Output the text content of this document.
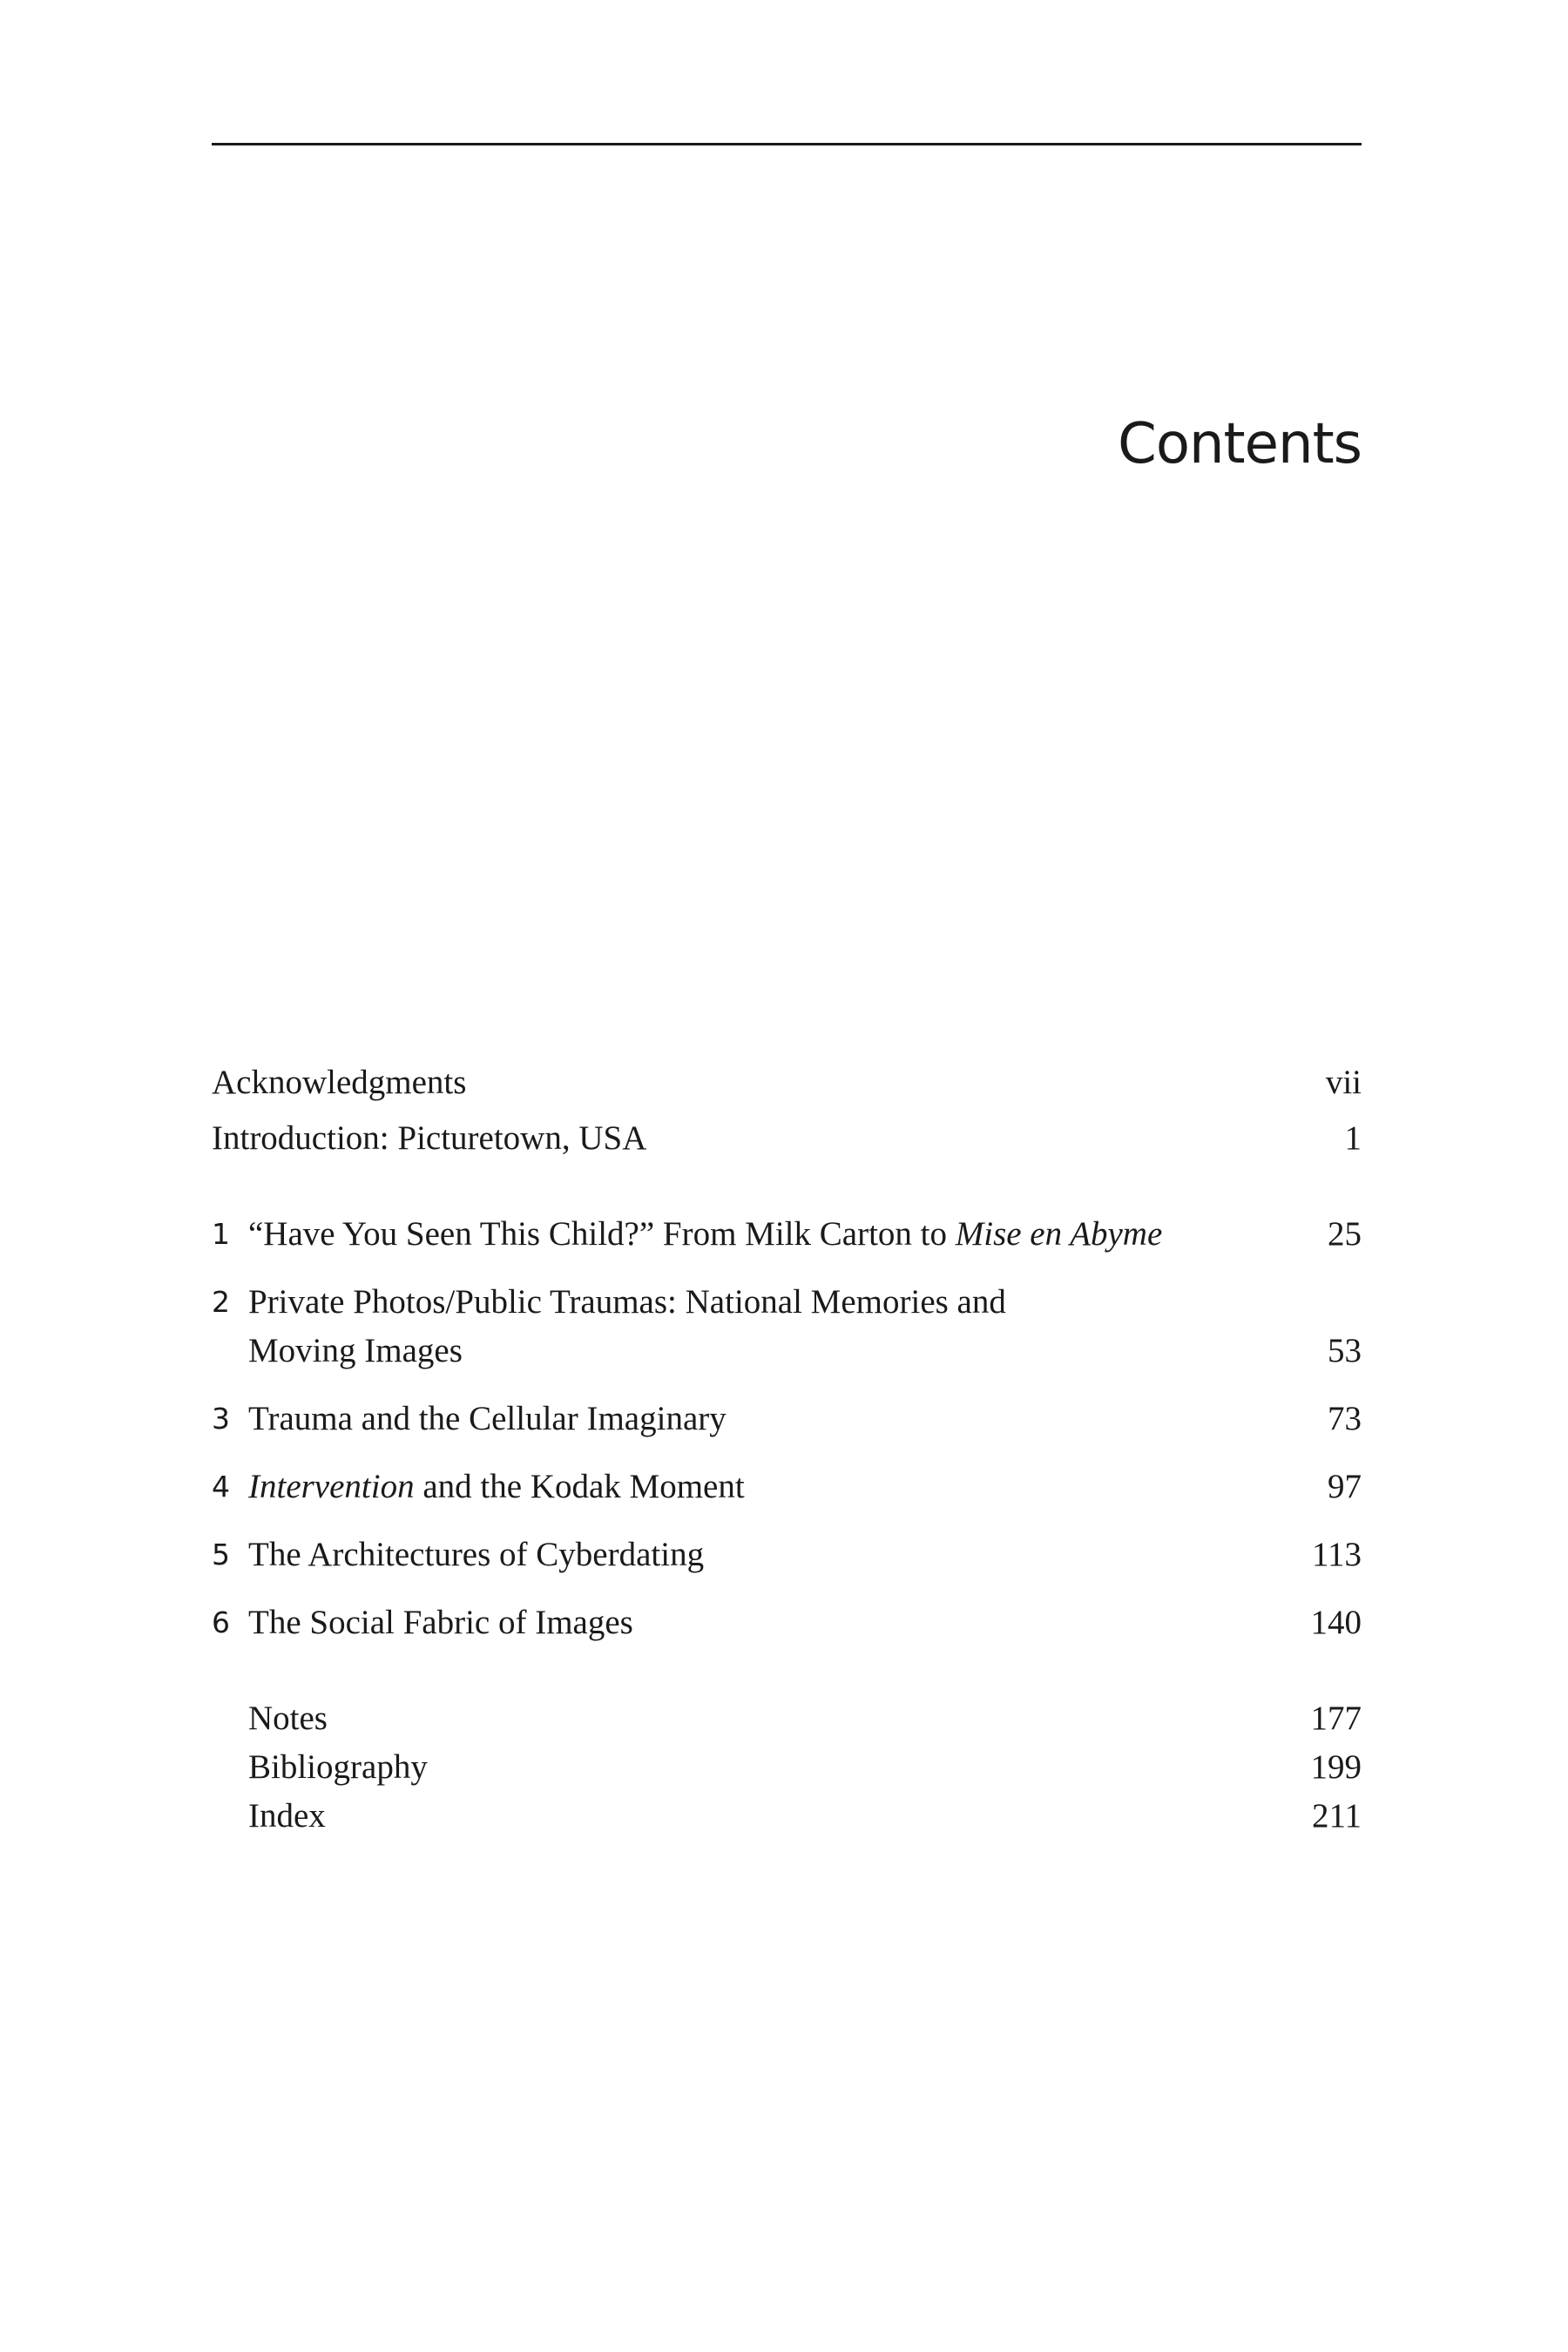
Contents
Acknowledgments	vii
Introduction: Picturetown, USA	1
1 “Have You Seen This Child?” From Milk Carton to Mise en Abyme	25
2 Private Photos/Public Traumas: National Memories and
Moving Images	53
3 Trauma and the Cellular Imaginary	73
4 Intervention and the Kodak Moment	97
5 The Architectures of Cyberdating	113
6 The Social Fabric of Images	140
Notes	177
Bibliography	199
Index	211
